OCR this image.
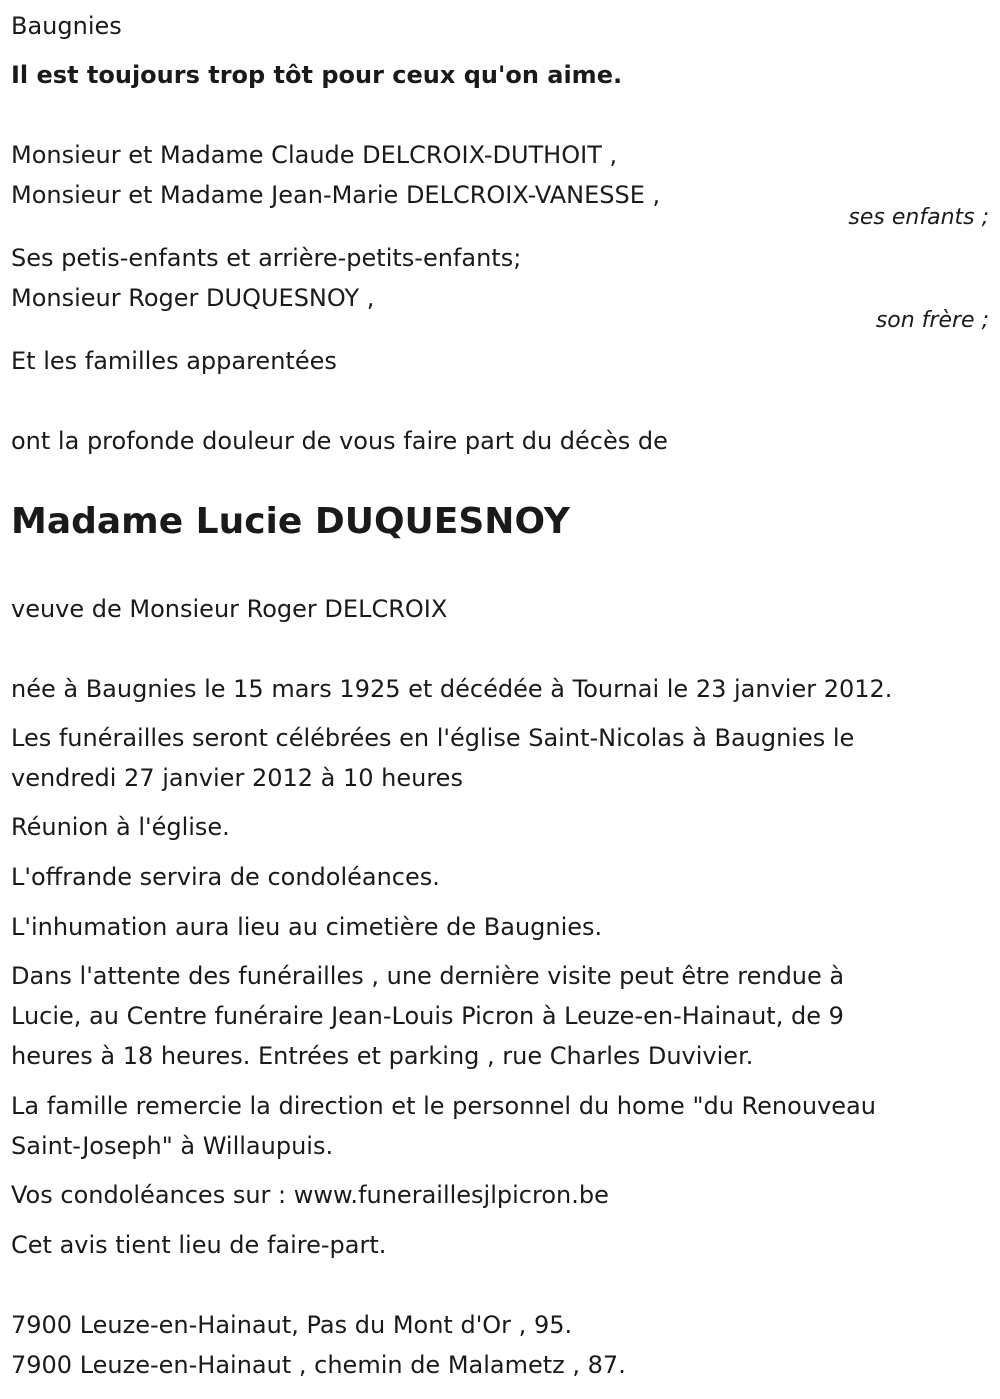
Baugnies
Il est toujours trop tôt pour ceux qu'on aime.
Monsieur et Madame Claude DELCROIX-DUTHOIT ,
Monsieur et Madame Jean-Marie DELCROIX-VANESSE ,
ses enfants ;
Ses petis-enfants et arrière-petits-enfants;
Monsieur Roger DUQUESNOY ,
son frère ;
Et les familles apparentées
ont la profonde douleur de vous faire part du décès de
Madame Lucie DUQUESNOY
veuve de Monsieur Roger DELCROIX
née à Baugnies le 15 mars 1925 et décédée à Tournai le 23 janvier 2012.
Les funérailles seront célébrées en l'église Saint-Nicolas à Baugnies le
vendredi 27 janvier 2012 à 10 heures
Réunion à l'église.
L'offrande servira de condoléances.
L'inhumation aura lieu au cimetière de Baugnies.
Dans l'attente des funérailles , une dernière visite peut être rendue à
Lucie, au Centre funéraire Jean-Louis Picron à Leuze-en-Hainaut, de 9
heures à 18 heures. Entrées et parking , rue Charles Duvivier.
La famille remercie la direction et le personnel du home "du Renouveau
Saint-Joseph" à Willaupuis.
Vos condoléances sur : www.funeraillesjlpicron.be
Cet avis tient lieu de faire-part.
7900 Leuze-en-Hainaut, Pas du Mont d'Or , 95.
7900 Leuze-en-Hainaut , chemin de Malametz , 87.
